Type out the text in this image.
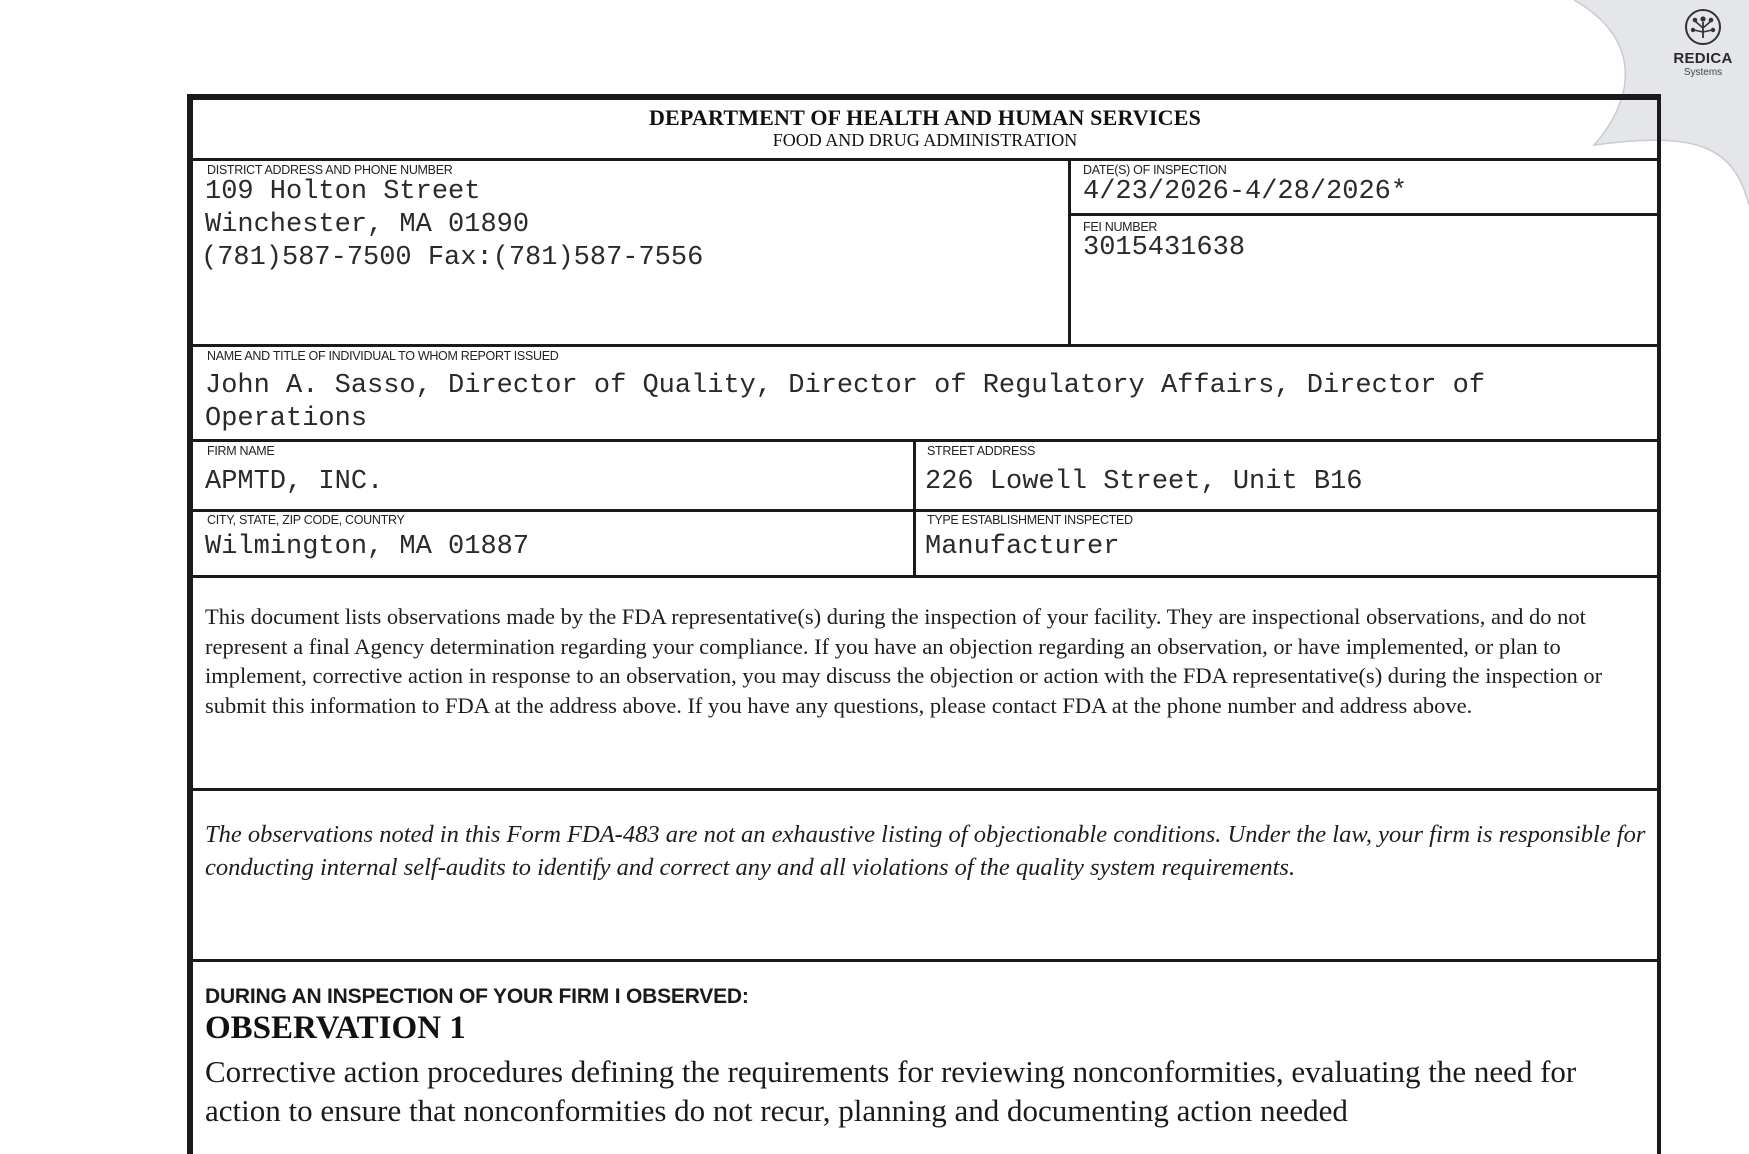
REDICA
Systems
DEPARTMENT OF HEALTH AND HUMAN SERVICES
FOOD AND DRUG ADMINISTRATION
DISTRICT ADDRESS AND PHONE NUMBER
109 Holton Street
Winchester, MA 01890
(781)587-7500 Fax:(781)587-7556
DATE(S) OF INSPECTION
4/23/2026-4/28/2026*
FEI NUMBER
3015431638
NAME AND TITLE OF INDIVIDUAL TO WHOM REPORT ISSUED
John A. Sasso, Director of Quality, Director of Regulatory Affairs, Director of Operations
FIRM NAME
APMTD, INC.
STREET ADDRESS
226 Lowell Street, Unit B16
CITY, STATE, ZIP CODE, COUNTRY
Wilmington, MA 01887
TYPE ESTABLISHMENT INSPECTED
Manufacturer
This document lists observations made by the FDA representative(s) during the inspection of your facility. They are inspectional observations, and do not represent a final Agency determination regarding your compliance. If you have an objection regarding an observation, or have implemented, or plan to implement, corrective action in response to an observation, you may discuss the objection or action with the FDA representative(s) during the inspection or submit this information to FDA at the address above. If you have any questions, please contact FDA at the phone number and address above.
The observations noted in this Form FDA-483 are not an exhaustive listing of objectionable conditions. Under the law, your firm is responsible for conducting internal self-audits to identify and correct any and all violations of the quality system requirements.
DURING AN INSPECTION OF YOUR FIRM I OBSERVED:
OBSERVATION 1
Corrective action procedures defining the requirements for reviewing nonconformities, evaluating the need for action to ensure that nonconformities do not recur, planning and documenting action needed
